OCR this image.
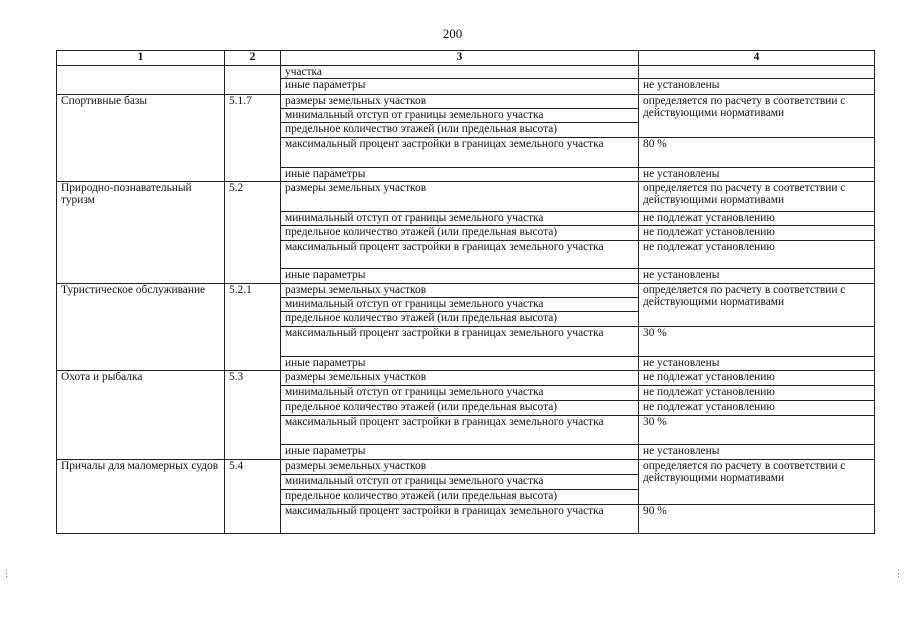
200
1	2	3	4
		участка	
		иные параметры	не установлены
Спортивные базы	5.1.7	размеры земельных участков	определяется по расчету в соответствии с действующими нормативами
		минимальный отступ от границы земельного участка	
		предельное количество этажей (или предельная высота)	
		максимальный процент застройки в границах земельного участка	80 %
		иные параметры	не установлены
Природно-познавательный туризм	5.2	размеры земельных участков	определяется по расчету в соответствии с действующими нормативами
		минимальный отступ от границы земельного участка	не подлежат установлению
		предельное количество этажей (или предельная высота)	не подлежат установлению
		максимальный процент застройки в границах земельного участка	не подлежат установлению
		иные параметры	не установлены
Туристическое обслуживание	5.2.1	размеры земельных участков	определяется по расчету в соответствии с действующими нормативами
		минимальный отступ от границы земельного участка	
		предельное количество этажей (или предельная высота)	
		максимальный процент застройки в границах земельного участка	30 %
		иные параметры	не установлены
Охота и рыбалка	5.3	размеры земельных участков	не подлежат установлению
		минимальный отступ от границы земельного участка	не подлежат установлению
		предельное количество этажей (или предельная высота)	не подлежат установлению
		максимальный процент застройки в границах земельного участка	30 %
		иные параметры	не установлены
Причалы для маломерных судов	5.4	размеры земельных участков	определяется по расчету в соответствии с действующими нормативами
		минимальный отступ от границы земельного участка	
		предельное количество этажей (или предельная высота)	
		максимальный процент застройки в границах земельного участка	90 %
⋮	⋮
